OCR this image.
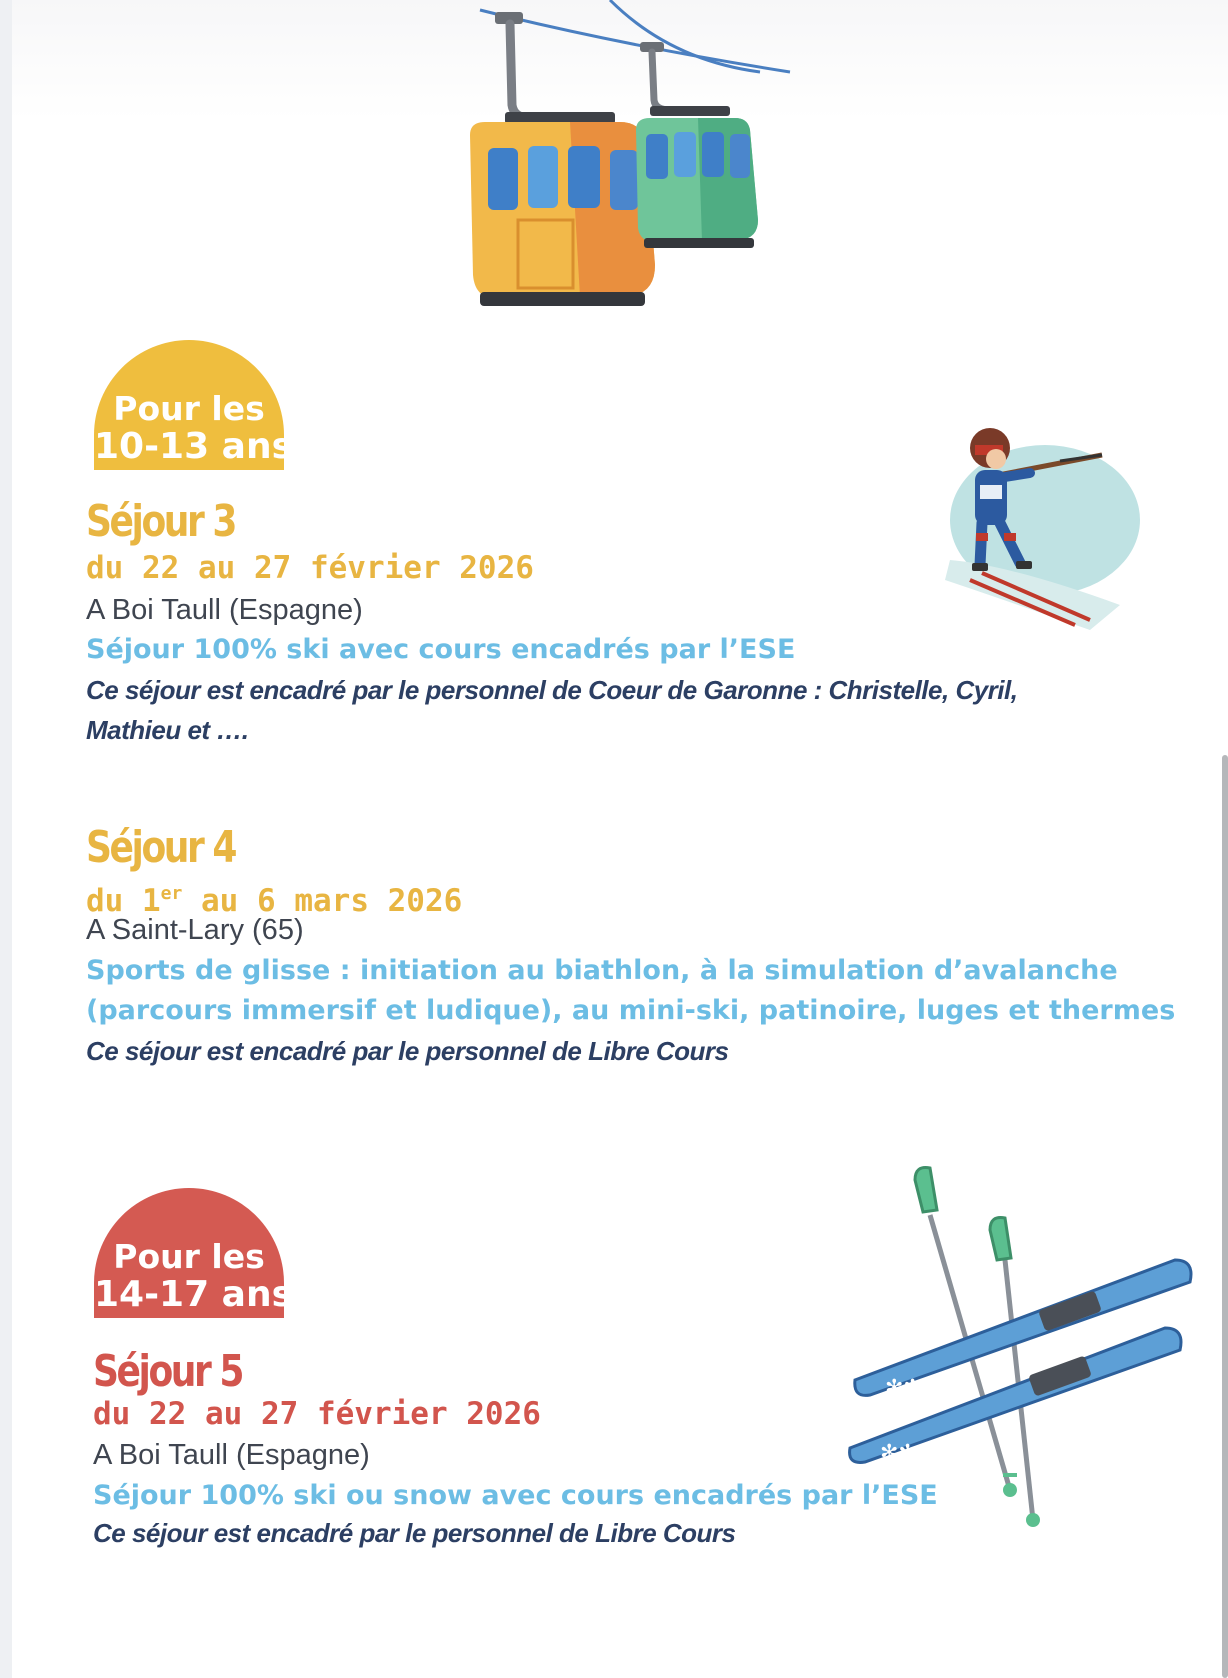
Pour les
10-13 ans
Séjour 3
du 22 au 27 février 2026
A Boi Taull (Espagne)
Séjour 100% ski avec cours encadrés par l’ESE
Ce séjour est encadré par le personnel de Coeur de Garonne : Christelle, Cyril, Mathieu et ….
Séjour 4
du 1er au 6 mars 2026
A Saint-Lary (65)
Sports de glisse : initiation au biathlon, à la simulation d’avalanche
(parcours immersif et ludique), au mini-ski, patinoire, luges et thermes
Ce séjour est encadré par le personnel de Libre Cours
✻✻
✻✻
Pour les
14-17 ans
Séjour 5
du 22 au 27 février 2026
A Boi Taull (Espagne)
Séjour 100% ski ou snow avec cours encadrés par l’ESE
Ce séjour est encadré par le personnel de Libre Cours
